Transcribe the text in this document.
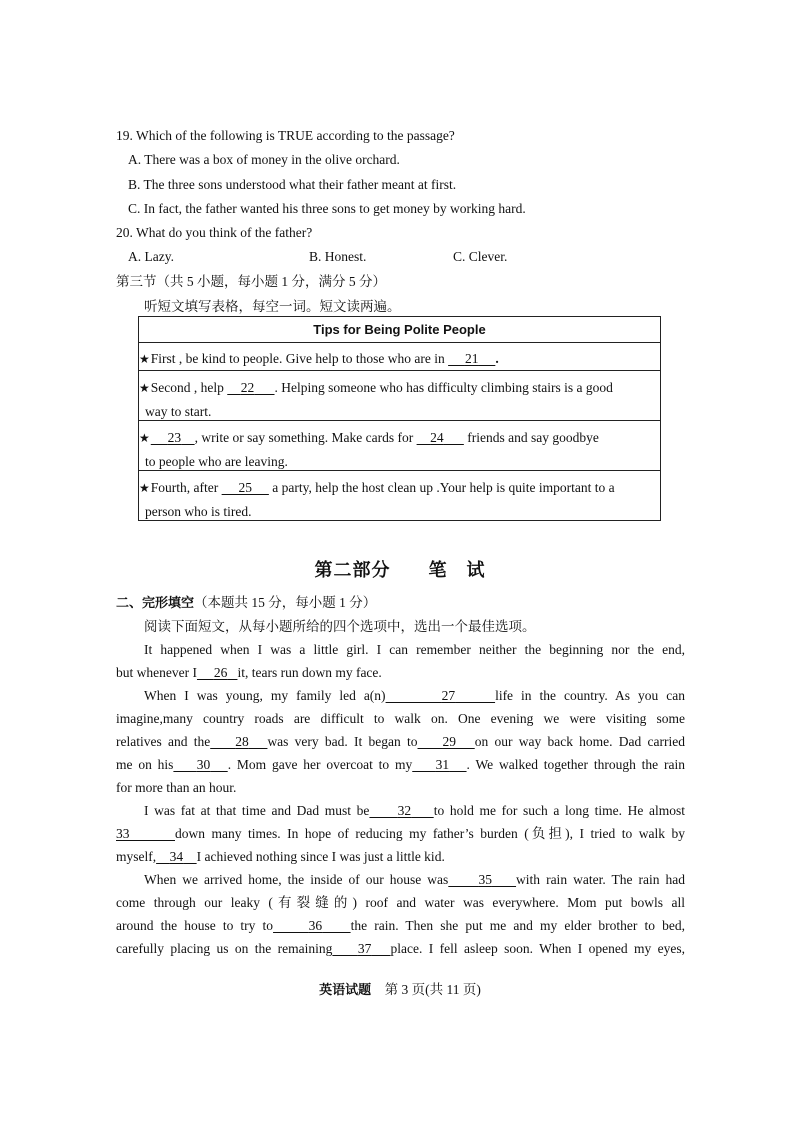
19. Which of the following is TRUE according to the passage?
A. There was a box of money in the olive orchard.
B. The three sons understood what their father meant at first.
C. In fact, the father wanted his three sons to get money by working hard.
20. What do you think of the father?
A. Lazy.	B. Honest.	C. Clever.
第三节（共 5 小题，每小题 1 分，满分 5 分）
听短文填写表格，每空一词。短文读两遍。
Tips for Being Polite People
★First , be kind to people. Give help to those who are in      21 .
★Second , help     22 . Helping someone who has difficulty climbing stairs is a good
way to start.
★ 23 , write or say something. Make cards for     24       friends and say goodbye
to people who are leaving.
★Fourth, after      25      a party, help the host clean up .Your help is quite important to a
person who is tired.
第二部分　　笔　试
二、完形填空（本题共 15 分，每小题 1 分）
阅读下面短文，从每小题所给的四个选项中，选出一个最佳选项。
It happened when I was a little girl. I can remember neither the beginning nor the end,
but whenever I 26 it, tears run down my face.
When I was young, my family led a(n)	27	life in the country. As you can
imagine,many country roads are difficult to walk on. One evening we were visiting some
relatives and the 28 was very bad. It began to 29 on our way back home. Dad carried
me on his 30 . Mom gave her overcoat to my 31 . We walked together through the rain
for more than an hour.
I was fat at that time and Dad must be 32 to hold me for such a long time. He almost
33	down many times. In hope of reducing my father’s burden (负担), I tried to walk by
myself, 34 I achieved nothing since I was just a little kid.
When we arrived home, the inside of our house was 35 with rain water. The rain had
come through our leaky (有裂缝的) roof and water was everywhere. Mom put bowls all
around the house to try to	36 the rain. Then she put me and my elder brother to bed,
carefully placing us on the remaining 37 place. I fell asleep soon. When I opened my eyes,
英语试题 第 3 页(共 11 页)
